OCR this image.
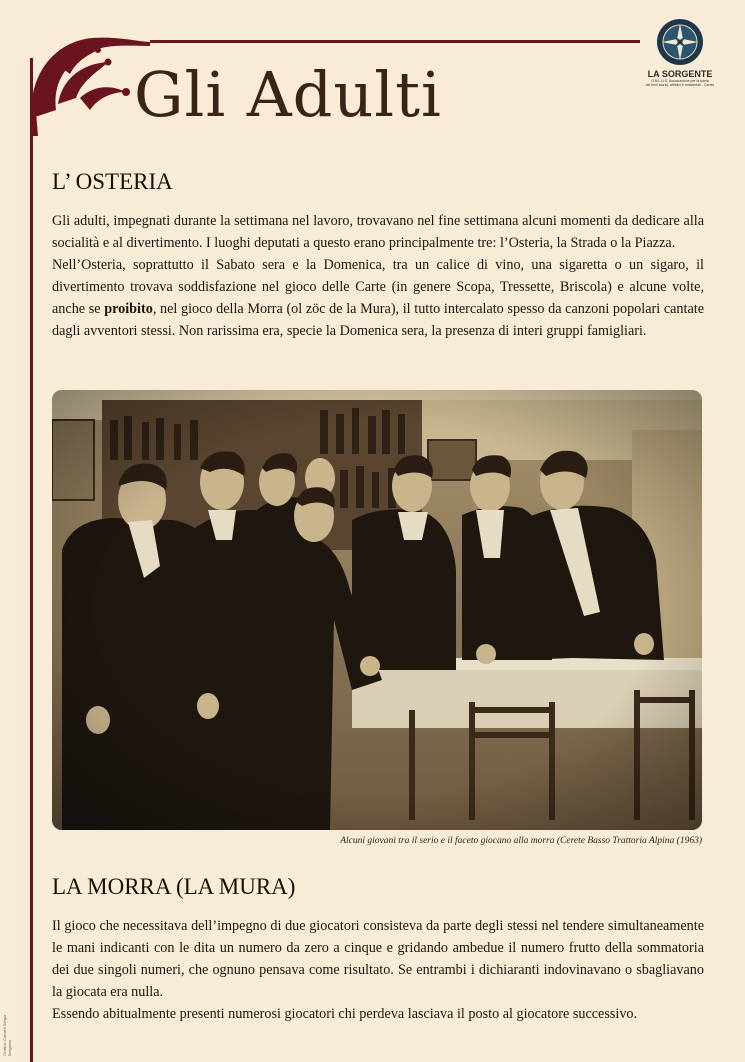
Gli Adulti	LA SORGENTE
O.N.L.U.S. Associazione per la tutela
dei beni storici, artistici e ambientali - Cerete
L’ OSTERIA
Gli adulti, impegnati durante la settimana nel lavoro, trovavano nel fine settimana alcuni momenti da dedicare alla socialità e al divertimento. I luoghi deputati a questo erano principalmente tre: l’Osteria, la Strada o la Piazza.
Nell’Osteria, soprattutto il Sabato sera e la Domenica, tra un calice di vino, una sigaretta o un sigaro, il divertimento trovava soddisfazione nel gioco delle Carte (in genere Scopa, Tressette, Briscola) e alcune volte, anche se proibito, nel gioco della Morra (ol zöc de la Mura), il tutto intercalato spesso da canzoni popolari cantate dagli avventori stessi. Non rarissima era, specie la Domenica sera, la presenza di interi gruppi famigliari.
Alcuni giovani tra il serio e il faceto giocano alla morra (Cerete Basso Trattoria Alpina (1963)
LA MORRA (LA MURA)
Il gioco che necessitava dell’impegno di due giocatori consisteva da parte degli stessi nel tendere simultaneamente le mani indicanti con le dita un numero da zero a cinque e gridando ambedue il numero frutto della sommatoria dei due singoli numeri, che ognuno pensava come risultato. Se entrambi i dichiaranti indovinavano o sbagliavano la giocata era nulla.
Essendo abitualmente presenti numerosi giocatori chi perdeva lasciava il posto al giocatore successivo.
Grafica: Carrara Sergio - Bergamo
